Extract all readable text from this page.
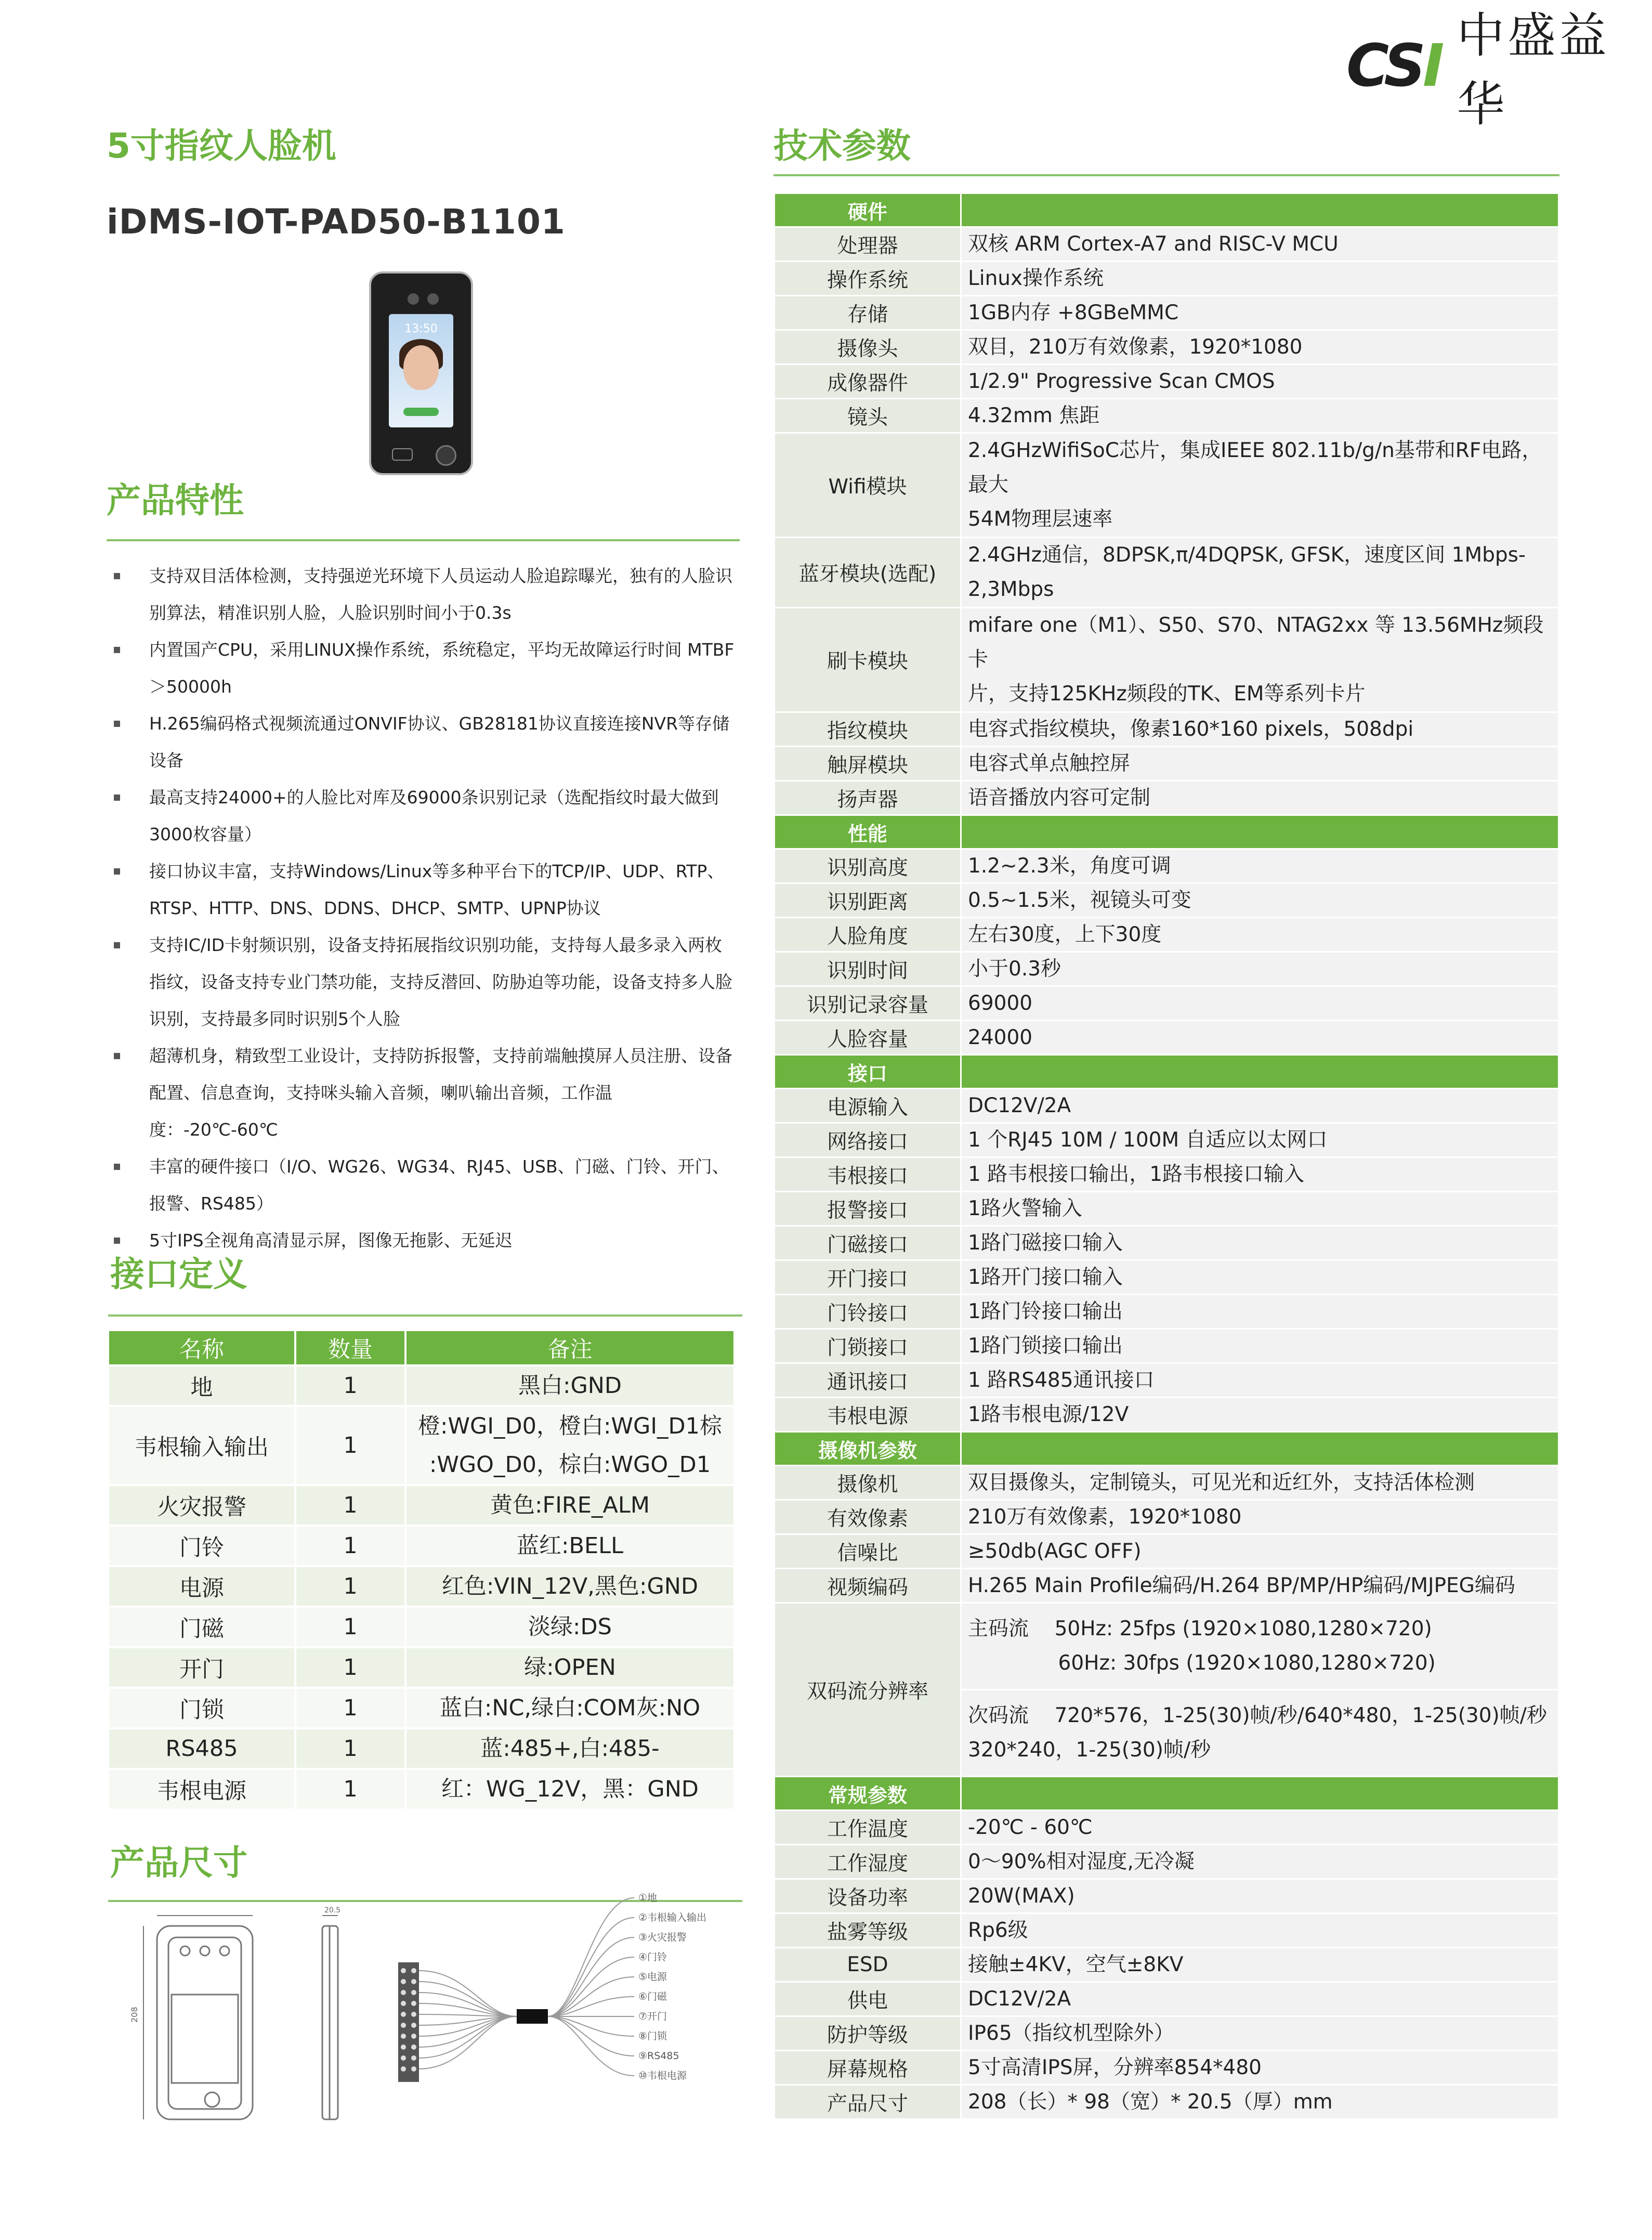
CSI 中盛益华
5寸指纹人脸机
iDMS-IOT-PAD50-B1101
13:50
产品特性
支持双目活体检测，支持强逆光环境下人员运动人脸追踪曝光，独有的人脸识
别算法，精准识别人脸，人脸识别时间小于0.3s
内置国产CPU，采用LINUX操作系统，系统稳定，平均无故障运行时间 MTBF
＞50000h
H.265编码格式视频流通过ONVIF协议、GB28181协议直接连接NVR等存储
设备
最高支持24000+的人脸比对库及69000条识别记录（选配指纹时最大做到
3000枚容量）
接口协议丰富，支持Windows/Linux等多种平台下的TCP/IP、UDP、RTP、
RTSP、HTTP、DNS、DDNS、DHCP、SMTP、UPNP协议
支持IC/ID卡射频识别，设备支持拓展指纹识别功能，支持每人最多录入两枚
指纹，设备支持专业门禁功能，支持反潜回、防胁迫等功能，设备支持多人脸
识别，支持最多同时识别5个人脸
超薄机身，精致型工业设计，支持防拆报警，支持前端触摸屏人员注册、设备
配置、信息查询，支持咪头输入音频，喇叭输出音频，工作温度：-20℃-60℃
丰富的硬件接口（I/O、WG26、WG34、RJ45、USB、门磁、门铃、开门、
报警、RS485）
5寸IPS全视角高清显示屏，图像无拖影、无延迟
接口定义
名称	数量	备注
地	1	黑白:GND

韦根输入输出	1	橙:WGI_D0，橙白:WGI_D1棕
:WGO_D0，棕白:WGO_D1

火灾报警	1	黄色:FIRE_ALM

门铃	1	蓝红:BELL

电源	1	红色:VIN_12V,黑色:GND

门磁	1	淡绿:DS

开门	1	绿:OPEN

门锁	1	蓝白:NC,绿白:COM灰:NO

RS485	1	蓝:485+,白:485-

韦根电源	1	红：WG_12V，黑：GND
产品尺寸
208
20.5
①地
②韦根输入输出
③火灾报警
④门铃
⑤电源
⑥门磁
⑦开门
⑧门锁
⑨RS485
⑩韦根电源
技术参数
硬件	
处理器	双核 ARM Cortex-A7 and RISC-V MCU

操作系统	Linux操作系统

存储	1GB内存 +8GBeMMC

摄像头	双目，210万有效像素，1920*1080

成像器件	1/2.9" Progressive Scan CMOS

镜头	4.32mm 焦距

Wifi模块	2.4GHzWifiSoC芯片，集成IEEE 802.11b/g/n基带和RF电路，最大
54M物理层速率

蓝牙模块(选配)	2.4GHz通信，8DPSK,π/4DQPSK, GFSK，速度区间 1Mbps-
2,3Mbps

刷卡模块	mifare one（M1）、S50、S70、NTAG2xx 等 13.56MHz频段卡
片，支持125KHz频段的TK、EM等系列卡片

指纹模块	电容式指纹模块，像素160*160 pixels，508dpi

触屏模块	电容式单点触控屏

扬声器	语音播放内容可定制

性能	
识别高度	1.2~2.3米，角度可调

识别距离	0.5~1.5米，视镜头可变

人脸角度	左右30度，上下30度

识别时间	小于0.3秒

识别记录容量	69000

人脸容量	24000

接口	
电源输入	DC12V/2A

网络接口	1 个RJ45 10M / 100M 自适应以太网口

韦根接口	1 路韦根接口输出，1路韦根接口输入

报警接口	1路火警输入

门磁接口	1路门磁接口输入

开门接口	1路开门接口输入

门铃接口	1路门铃接口输出

门锁接口	1路门锁接口输出

通讯接口	1 路RS485通讯接口

韦根电源	1路韦根电源/12V

摄像机参数	
摄像机	双目摄像头，定制镜头，可见光和近红外，支持活体检测

有效像素	210万有效像素，1920*1080

信噪比	≥50db(AGC OFF)

视频编码	H.265 Main Profile编码/H.264 BP/MP/HP编码/MJPEG编码

双码流分辨率	主码流    50Hz: 25fps (1920×1080,1280×720)
60Hz: 30fps (1920×1080,1280×720)

	次码流    720*576，1-25(30)帧/秒/640*480，1-25(30)帧/秒
320*240，1-25(30)帧/秒

常规参数	
工作温度	-20℃ - 60℃

工作湿度	0～90%相对湿度,无冷凝

设备功率	20W(MAX)

盐雾等级	Rp6级

ESD	接触±4KV，空气±8KV

供电	DC12V/2A

防护等级	IP65（指纹机型除外）

屏幕规格	5寸高清IPS屏，分辨率854*480

产品尺寸	208（长）* 98（宽）* 20.5（厚）mm
